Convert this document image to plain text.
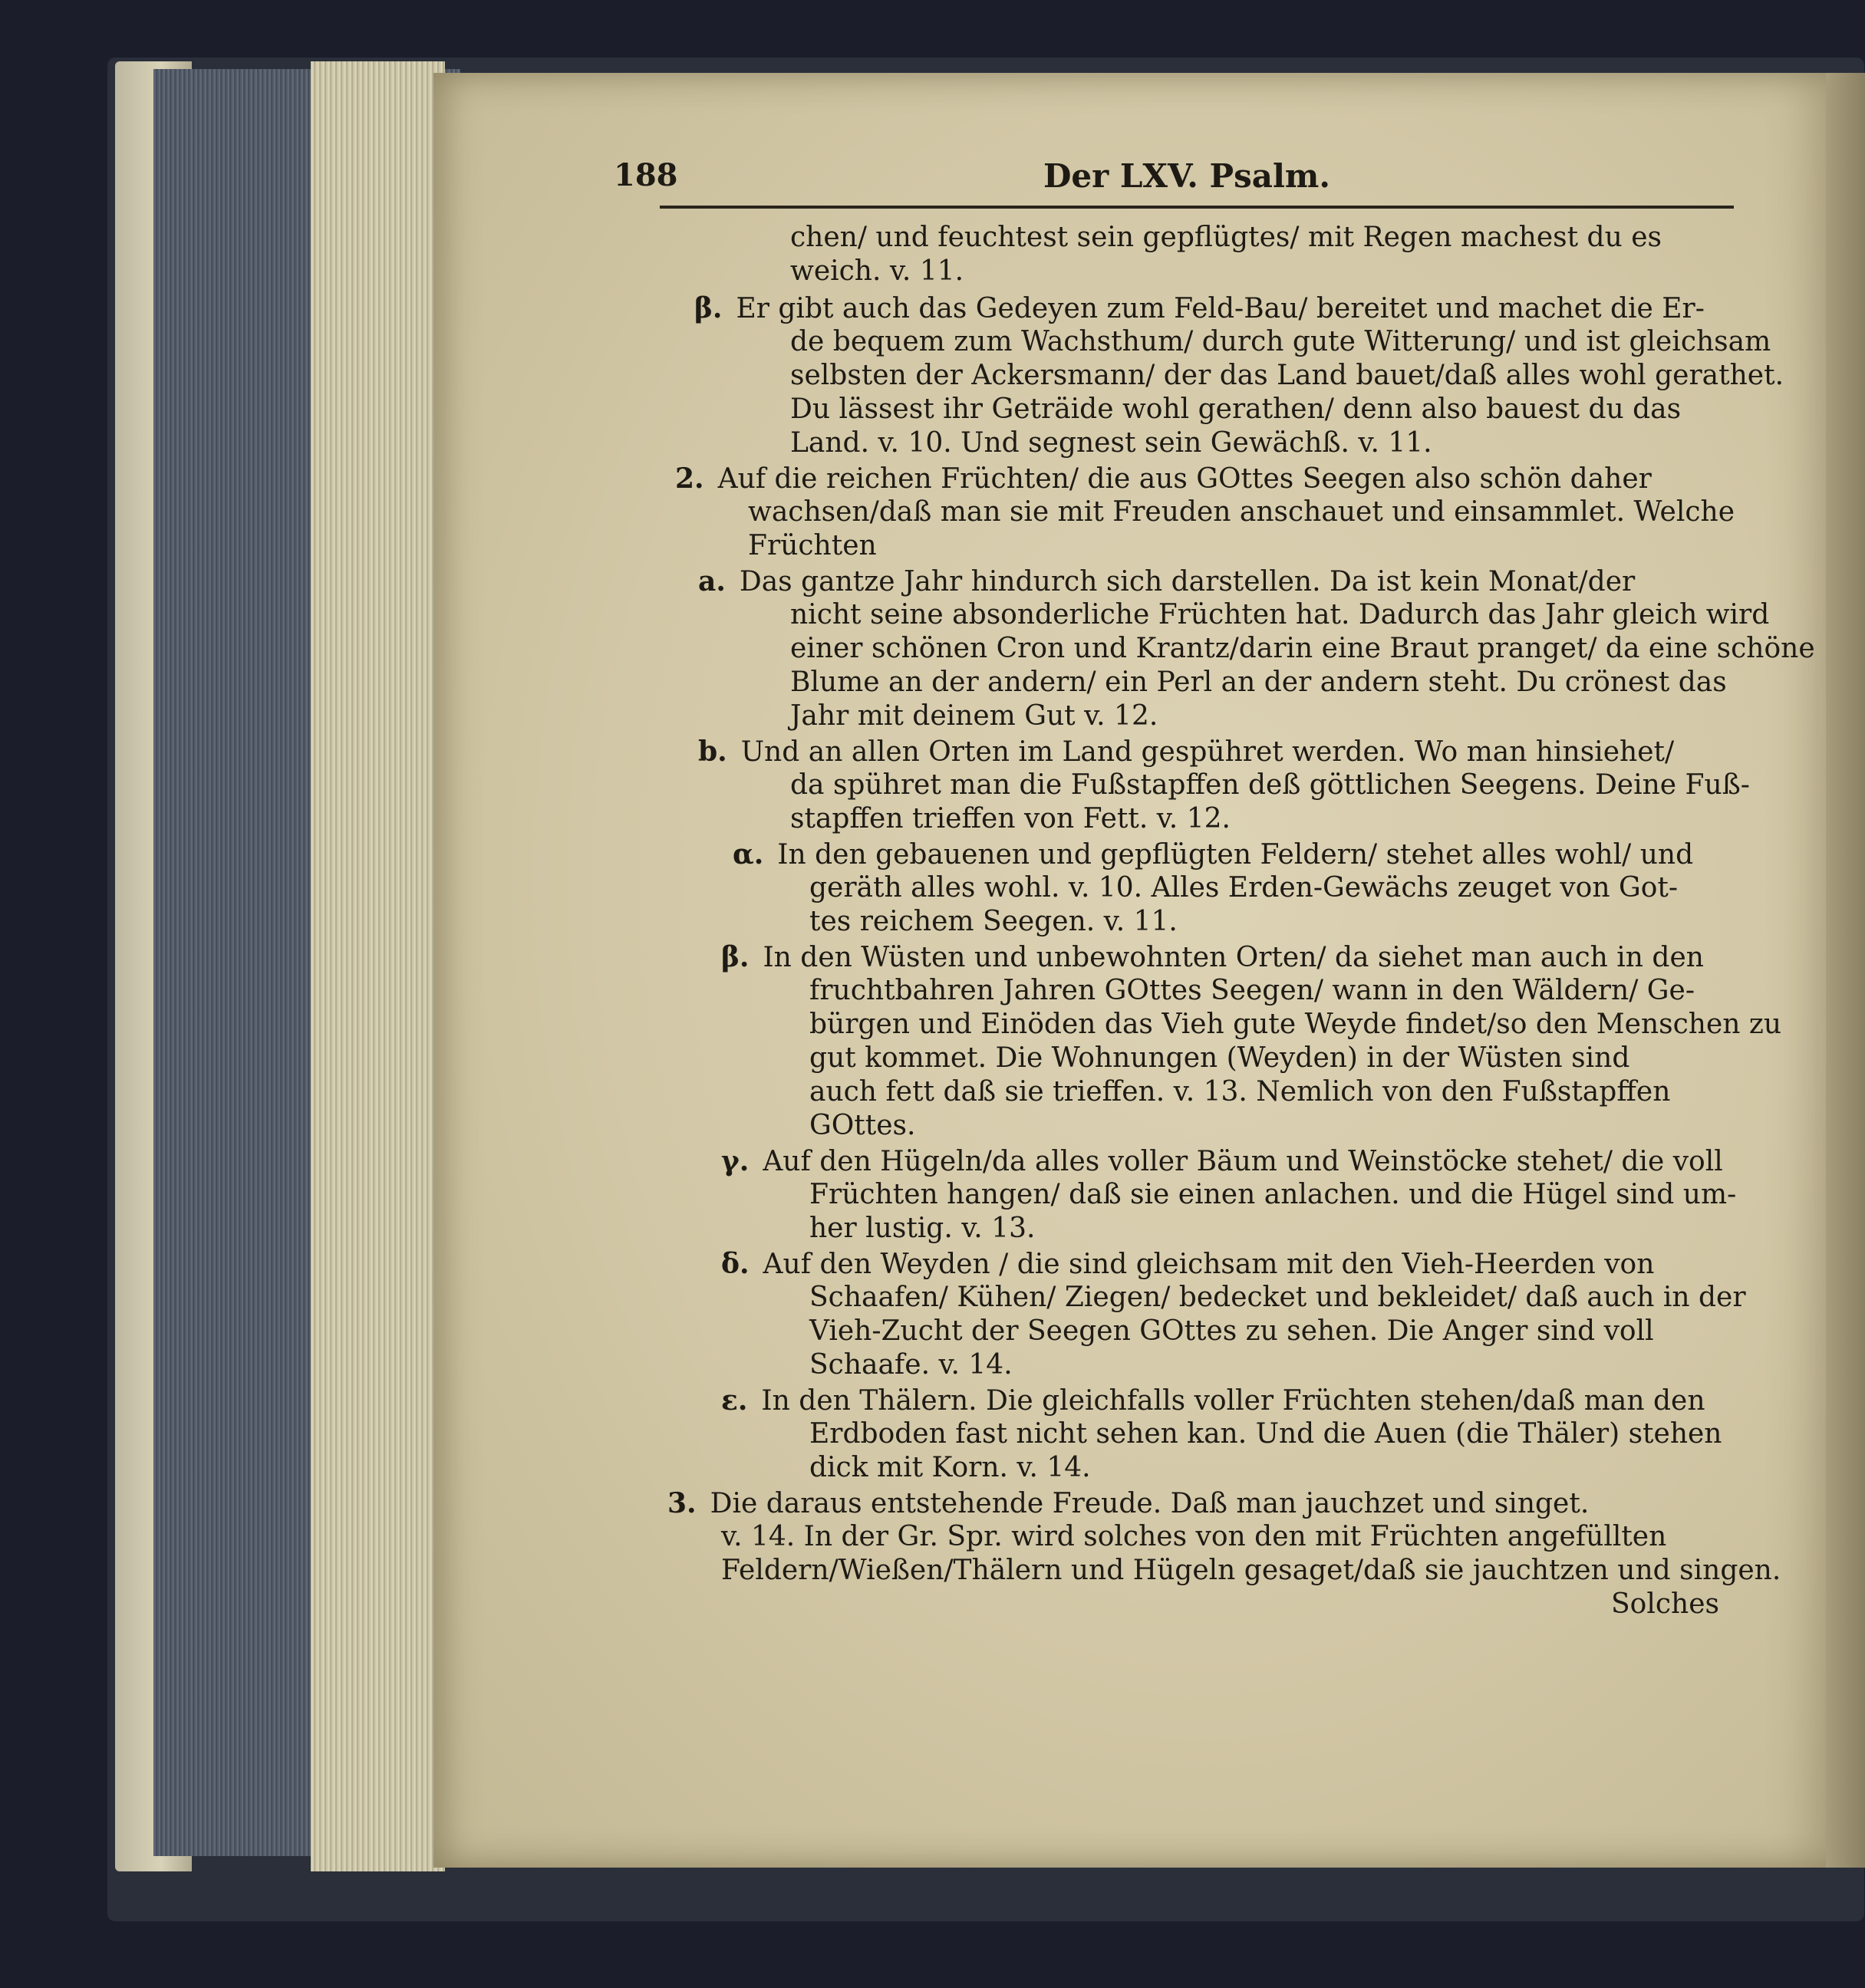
188	Der LXV. Psalm.
chen/ und feuchtest sein gepflügtes/ mit Regen machest du es
weich. v. 11.
β. Er gibt auch das Gedeyen zum Feld-Bau/ bereitet und machet die Er-
de bequem zum Wachsthum/ durch gute Witterung/ und ist gleichsam
selbsten der Ackersmann/ der das Land bauet/daß alles wohl gerathet.
Du lässest ihr Geträide wohl gerathen/ denn also bauest du das
Land. v. 10. Und segnest sein Gewächß. v. 11.
2. Auf die reichen Früchten/ die aus GOttes Seegen also schön daher
wachsen/daß man sie mit Freuden anschauet und einsammlet. Welche
Früchten
a. Das gantze Jahr hindurch sich darstellen. Da ist kein Monat/der
nicht seine absonderliche Früchten hat. Dadurch das Jahr gleich wird
einer schönen Cron und Krantz/darin eine Braut pranget/ da eine schöne
Blume an der andern/ ein Perl an der andern steht. Du crönest das
Jahr mit deinem Gut v. 12.
b. Und an allen Orten im Land gespühret werden. Wo man hinsiehet/
da spühret man die Fußstapffen deß göttlichen Seegens. Deine Fuß-
stapffen trieffen von Fett. v. 12.
α. In den gebauenen und gepflügten Feldern/ stehet alles wohl/ und
geräth alles wohl. v. 10. Alles Erden-Gewächs zeuget von Got-
tes reichem Seegen. v. 11.
β. In den Wüsten und unbewohnten Orten/ da siehet man auch in den
fruchtbahren Jahren GOttes Seegen/ wann in den Wäldern/ Ge-
bürgen und Einöden das Vieh gute Weyde findet/so den Menschen zu
gut kommet. Die Wohnungen (Weyden) in der Wüsten sind
auch fett daß sie trieffen. v. 13. Nemlich von den Fußstapffen
GOttes.
γ. Auf den Hügeln/da alles voller Bäum und Weinstöcke stehet/ die voll
Früchten hangen/ daß sie einen anlachen. und die Hügel sind um-
her lustig. v. 13.
δ. Auf den Weyden / die sind gleichsam mit den Vieh-Heerden von
Schaafen/ Kühen/ Ziegen/ bedecket und bekleidet/ daß auch in der
Vieh-Zucht der Seegen GOttes zu sehen. Die Anger sind voll
Schaafe. v. 14.
ε. In den Thälern. Die gleichfalls voller Früchten stehen/daß man den
Erdboden fast nicht sehen kan. Und die Auen (die Thäler) stehen
dick mit Korn. v. 14.
3. Die daraus entstehende Freude. Daß man jauchzet und singet.
v. 14. In der Gr. Spr. wird solches von den mit Früchten angefüllten
Feldern/Wießen/Thälern und Hügeln gesaget/daß sie jauchtzen und singen.
Solches
